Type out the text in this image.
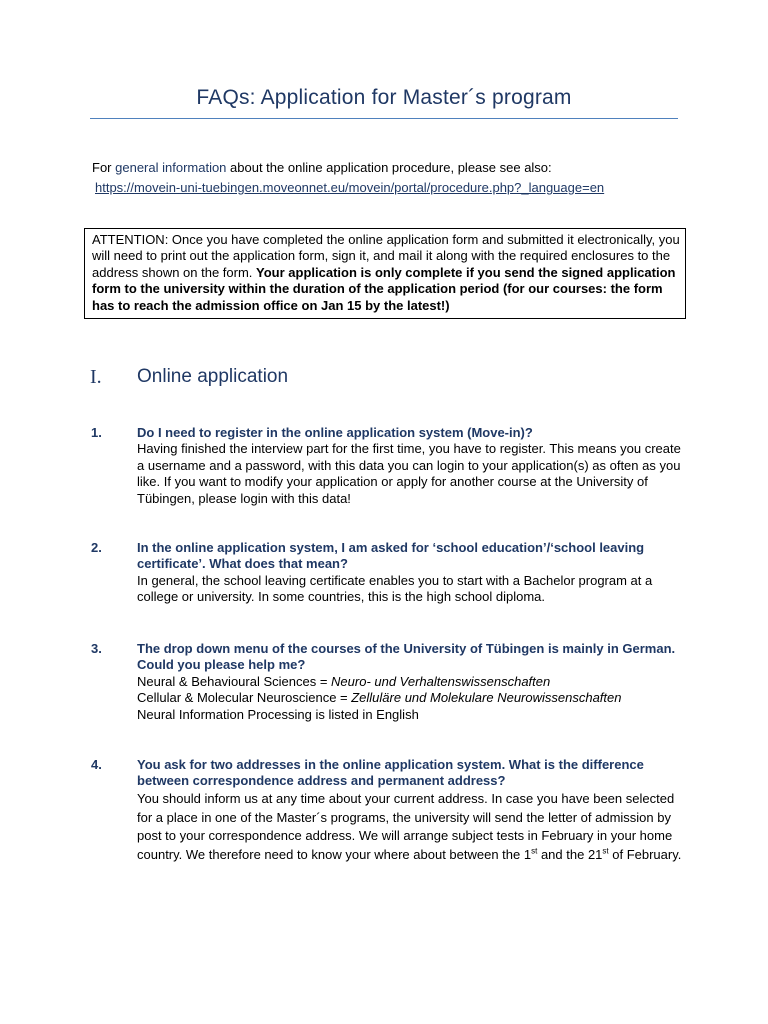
FAQs: Application for Master´s program
For general information about the online application procedure, please see also:
https://movein-uni-tuebingen.moveonnet.eu/movein/portal/procedure.php?_language=en
ATTENTION: Once you have completed the online application form and submitted it electronically, you will need to print out the application form, sign it, and mail it along with the required enclosures to the address shown on the form. Your application is only complete if you send the signed application form to the university within the duration of the application period (for our courses: the form has to reach the admission office on Jan 15 by the latest!)
I. Online application
1.	Do I need to register in the online application system (Move-in)?
Having finished the interview part for the first time, you have to register. This means you create a username and a password, with this data you can login to your application(s) as often as you like. If you want to modify your application or apply for another course at the University of Tübingen, please login with this data!
2.	In the online application system, I am asked for ‘school education’/‘school leaving certificate’. What does that mean?
In general, the school leaving certificate enables you to start with a Bachelor program at a college or university. In some countries, this is the high school diploma.
3.	The drop down menu of the courses of the University of Tübingen is mainly in German. Could you please help me?
Neural & Behavioural Sciences = Neuro- und Verhaltenswissenschaften
Cellular & Molecular Neuroscience = Zelluläre und Molekulare Neurowissenschaften
Neural Information Processing is listed in English
4.	You ask for two addresses in the online application system. What is the difference between correspondence address and permanent address?
You should inform us at any time about your current address. In case you have been selected for a place in one of the Master´s programs, the university will send the letter of admission by post to your correspondence address. We will arrange subject tests in February in your home country. We therefore need to know your where about between the 1st and the 21st of February.
